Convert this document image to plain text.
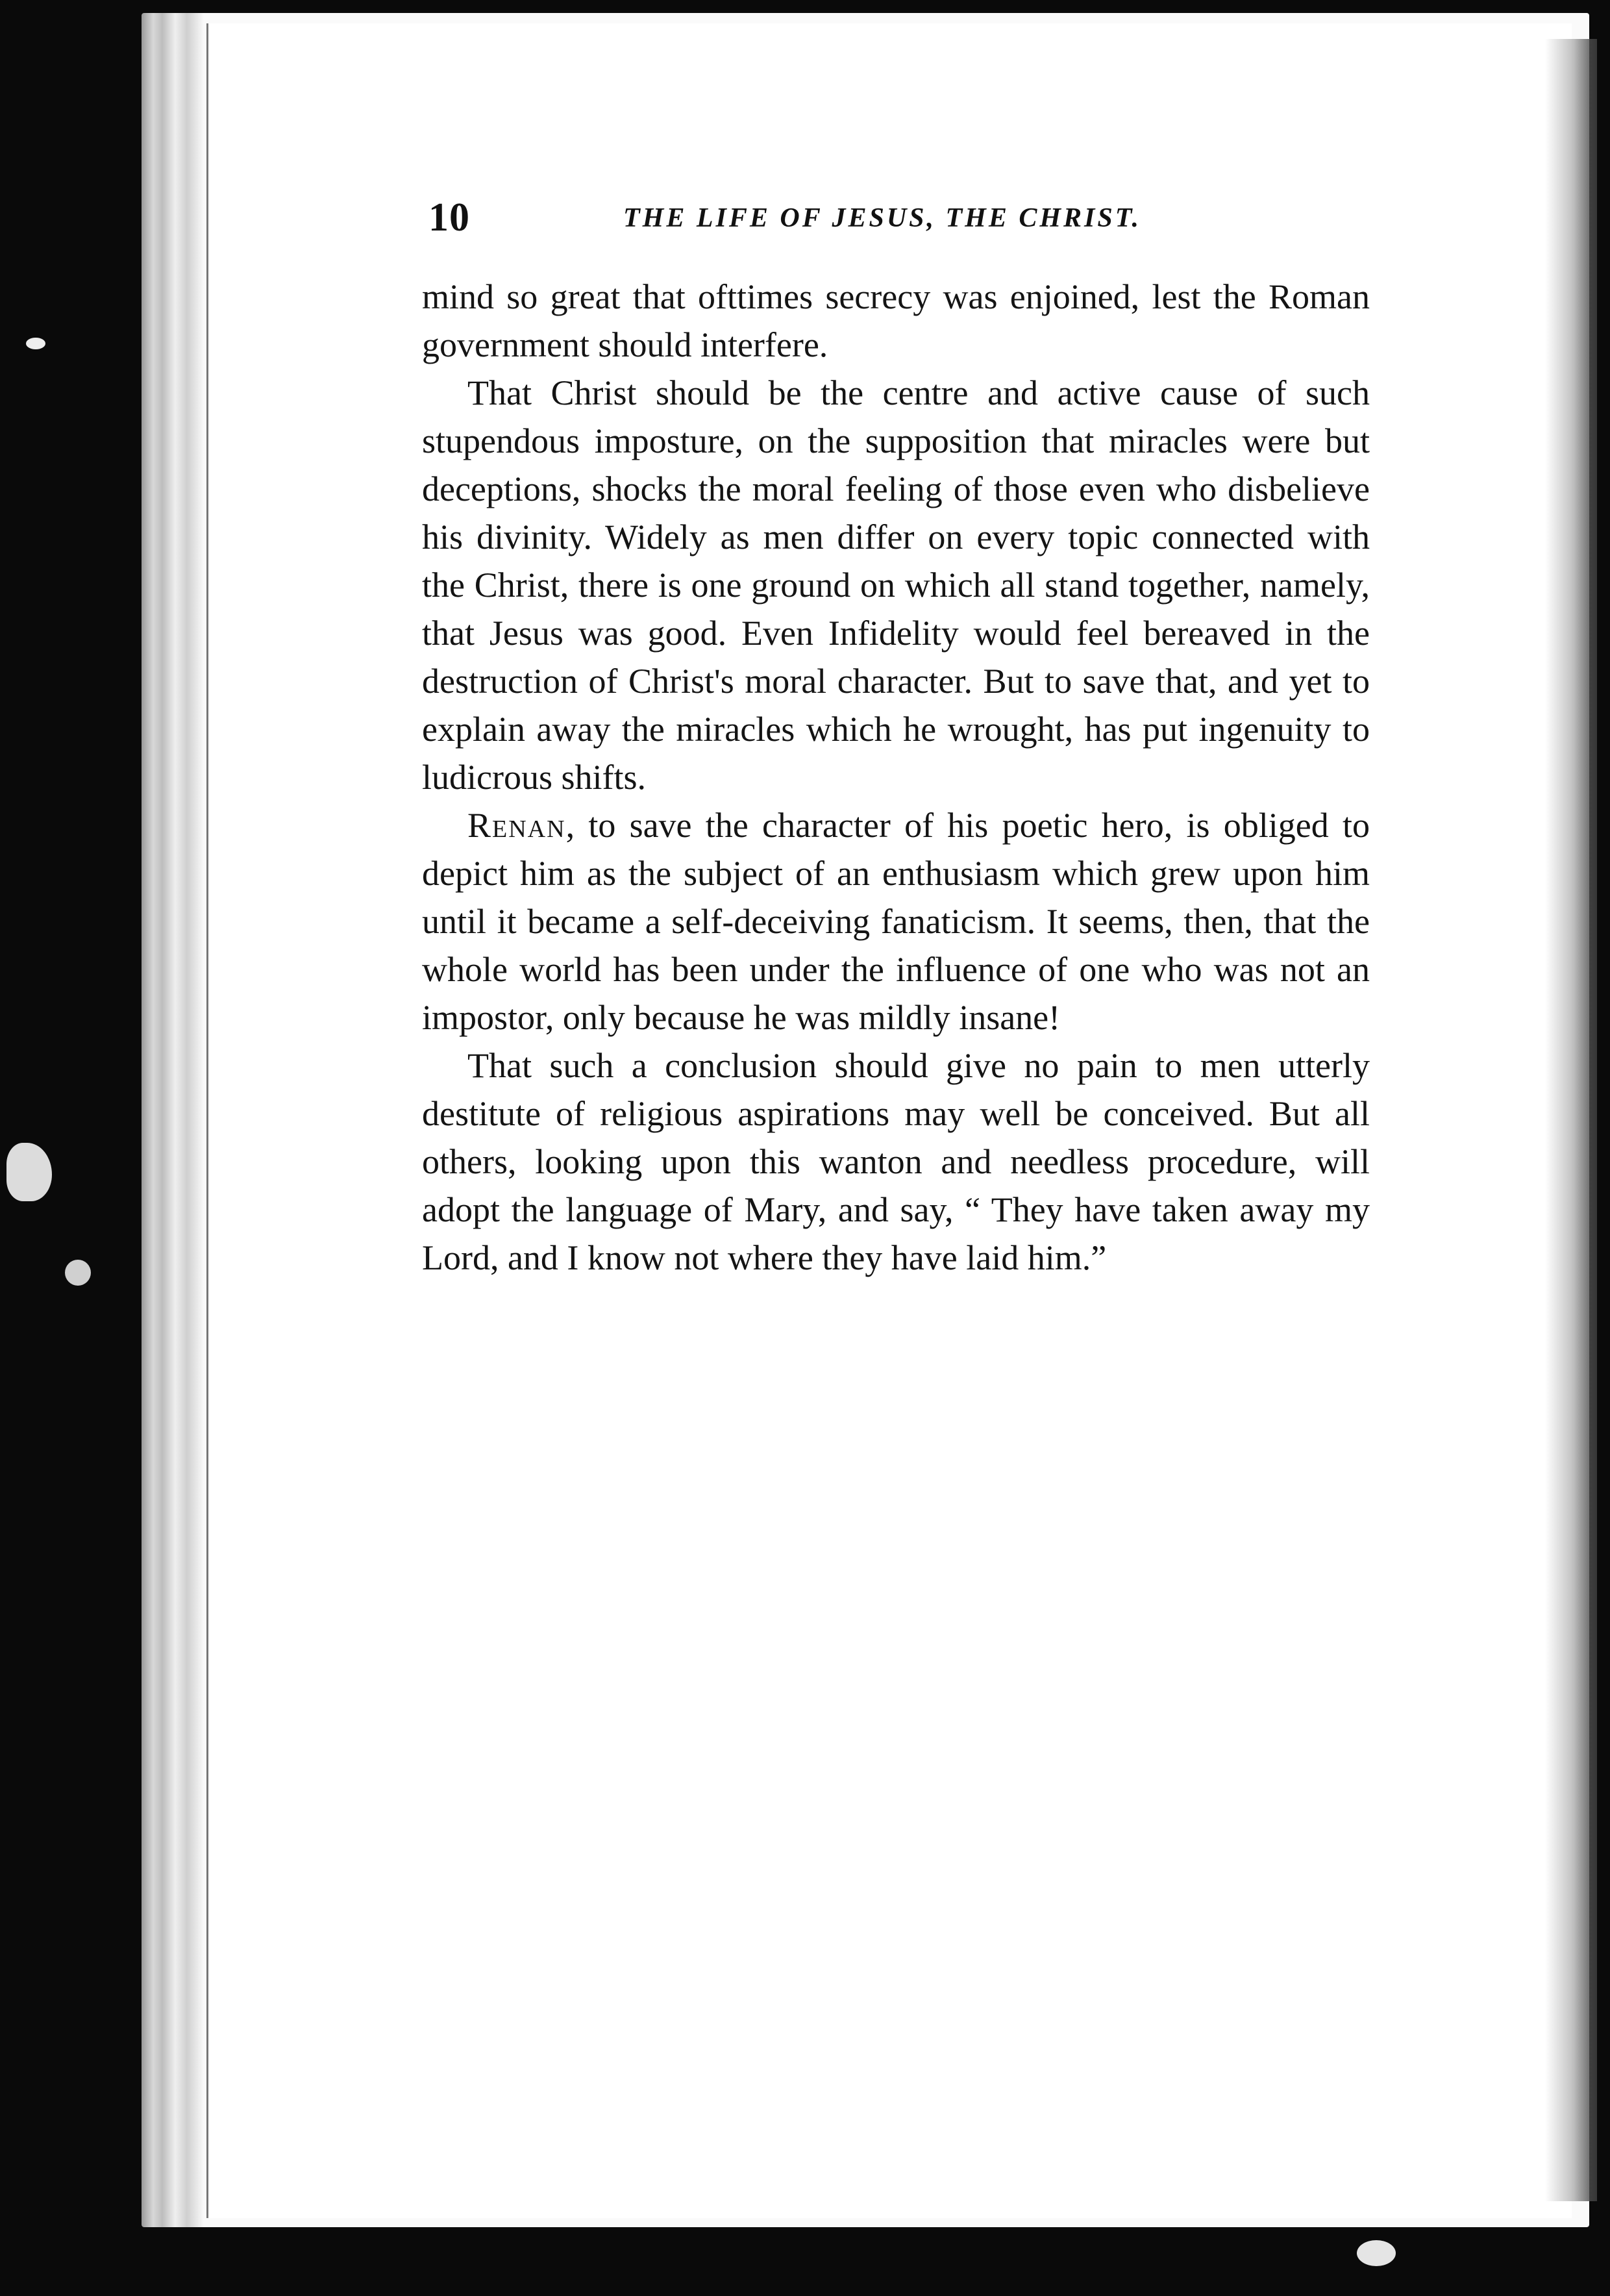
10	THE LIFE OF JESUS, THE CHRIST.

mind so great that ofttimes secrecy was enjoined, lest the Roman government should interfere.

That Christ should be the centre and active cause of such stupendous imposture, on the supposition that miracles were but deceptions, shocks the moral feeling of those even who disbelieve his divinity. Widely as men differ on every topic connected with the Christ, there is one ground on which all stand together, namely, that Jesus was good. Even Infidelity would feel bereaved in the destruction of Christ's moral character. But to save that, and yet to explain away the miracles which he wrought, has put ingenuity to ludicrous shifts.

Renan, to save the character of his poetic hero, is obliged to depict him as the subject of an enthusiasm which grew upon him until it became a self-deceiving fanaticism. It seems, then, that the whole world has been under the influence of one who was not an impostor, only because he was mildly insane!

That such a conclusion should give no pain to men utterly destitute of religious aspirations may well be conceived. But all others, looking upon this wanton and needless procedure, will adopt the language of Mary, and say, “ They have taken away my Lord, and I know not where they have laid him.”
